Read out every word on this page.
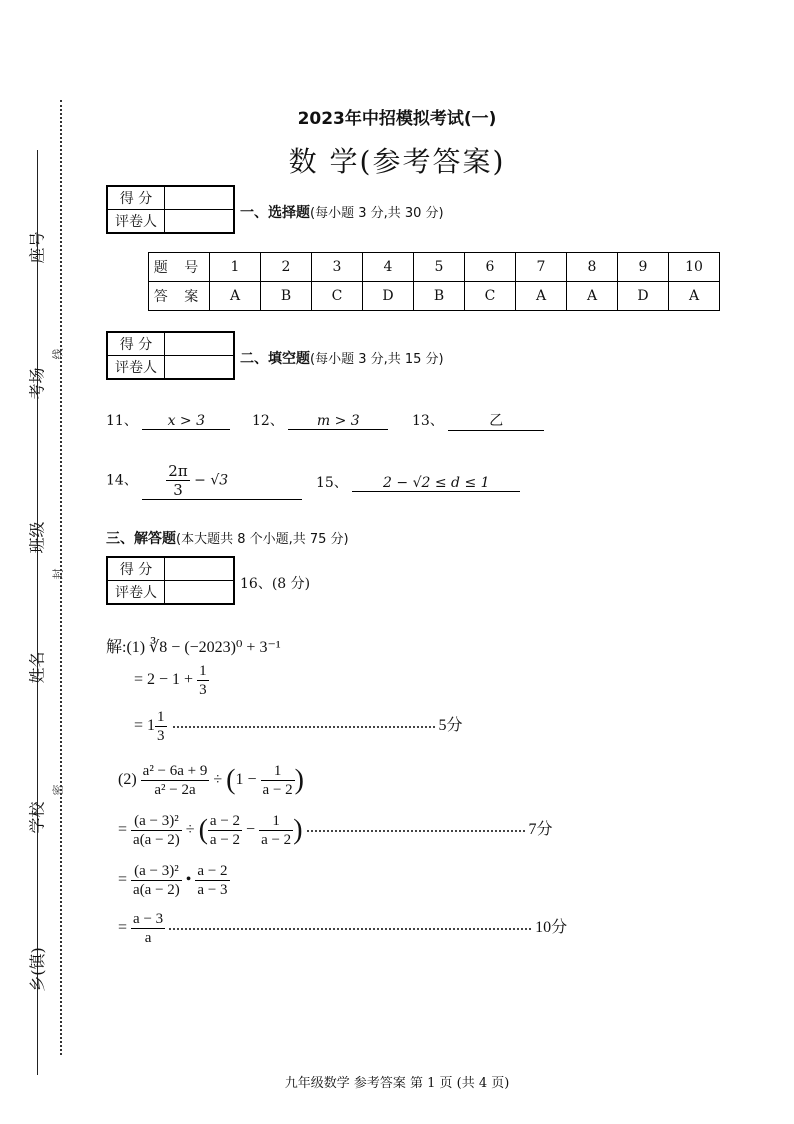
座号
考场
班级
姓名
学校
乡(镇)
线
封
密
2023年中招模拟考试(一)
数 学(参考答案)
得 分	
评卷人	
一、选择题(每小题 3 分,共 30 分)
题 号	1	2	3	4	5	6	7	8	9	10
答 案	A	B	C	D	B	C	A	A	D	A
得 分	
评卷人	
二、填空题(每小题 3 分,共 15 分)
11、 x > 3	12、 m > 3	13、	乙
14、 $\frac{2\pi}{3} - √3$	15、	2 − √2 ≤ d ≤ 1
三、解答题(本大题共 8 个小题,共 75 分)
得 分	
评卷人	
16、(8 分)
解:(1) ∛8 − (−2023)⁰ + 3⁻¹
= $2 - 1 + \frac{1}{3}$
= $1 \frac{1}{3}$	5分
$(2) \frac{\text{a² − 6a + 9}}{\text{a² − 2a}} \div (1 - \frac{1}{a - 2}$ )
= $\frac{\text{(a − 3)²}}{a(a - 2)}$ ÷ ( $\frac{a - 2}{a - 2} - \frac{1}{a - 2}$ )	7分
= $\frac{\text{(a − 3)²}}{a(a - 2)}$ • $\frac{a - 2}{a - 3}$
= $\frac{a - 3}{a}$	10分
九年级数学 参考答案 第 1 页 (共 4 页)
